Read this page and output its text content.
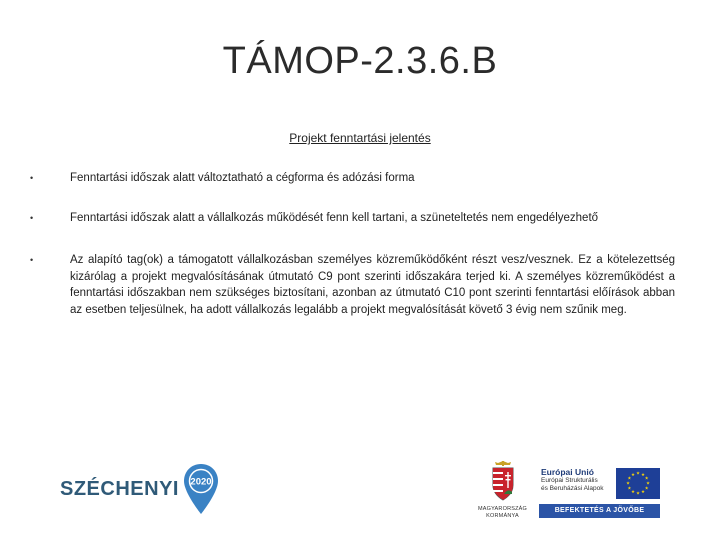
TÁMOP-2.3.6.B
Projekt fenntartási jelentés
•	Fenntartási időszak alatt változtatható a cégforma és adózási forma
•	Fenntartási időszak alatt a vállalkozás működését fenn kell tartani, a szüneteltetés nem engedélyezhető
•	Az alapító tag(ok) a támogatott vállalkozásban személyes közreműködőként részt vesz/vesznek. Ez a kötelezettség kizárólag a projekt megvalósításának útmutató C9 pont szerinti időszakára terjed ki. A személyes közreműködést a fenntartási időszakban nem szükséges biztosítani, azonban az útmutató C10 pont szerinti fenntartási előírások abban az esetben teljesülnek, ha adott vállalkozás legalább a projekt megvalósítását követő 3 évig nem szűnik meg.
SZÉCHENYI 2020
MAGYARORSZÁG
KORMÁNYA
Európai Unió
Európai Strukturális
és Beruházási Alapok
★ ★
★
★
★
★
★
★
★
★
★
★
BEFEKTETÉS A JÖVŐBE
